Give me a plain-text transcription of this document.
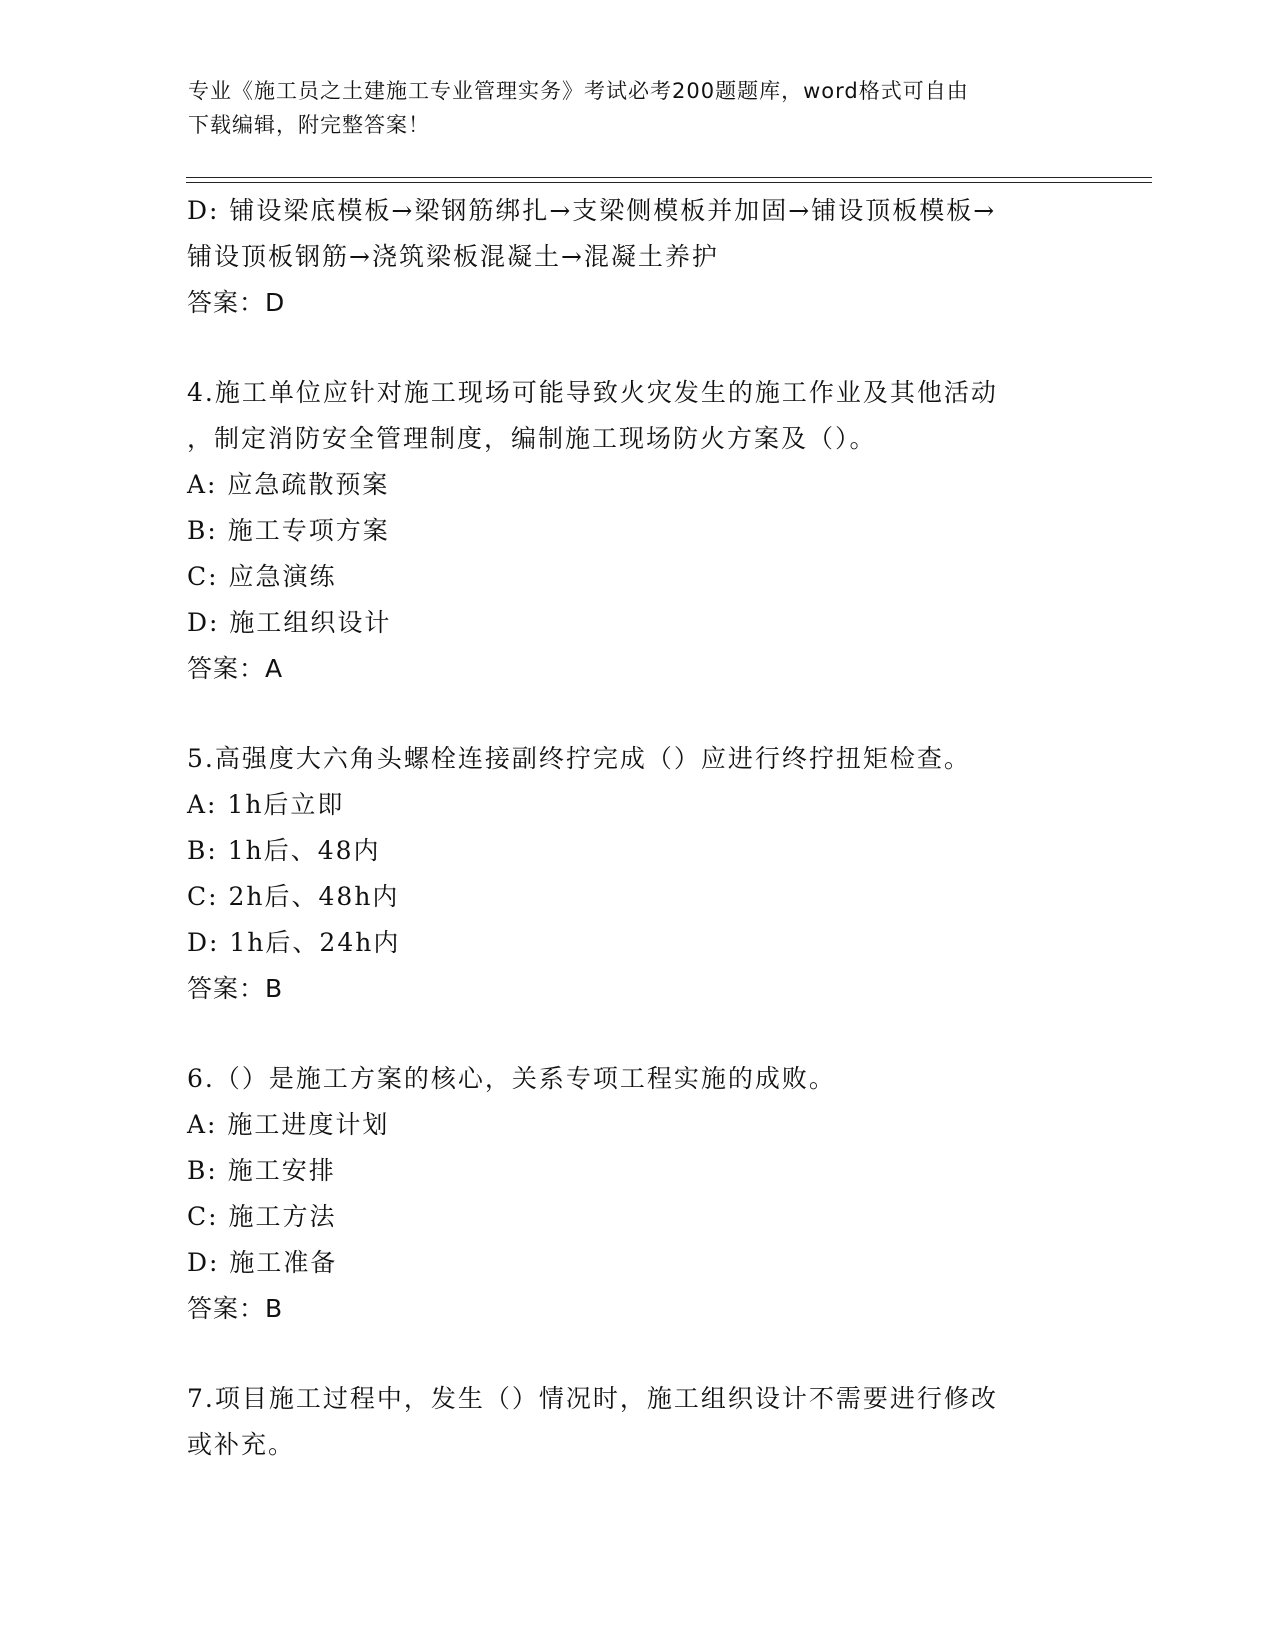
专业《施工员之土建施工专业管理实务》考试必考200题题库，word格式可自由
下载编辑，附完整答案！
D: 铺设梁底模板→梁钢筋绑扎→支梁侧模板并加固→铺设顶板模板→
铺设顶板钢筋→浇筑梁板混凝土→混凝土养护
答案：D
4.施工单位应针对施工现场可能导致火灾发生的施工作业及其他活动
，制定消防安全管理制度，编制施工现场防火方案及（）。
A: 应急疏散预案
B: 施工专项方案
C: 应急演练
D: 施工组织设计
答案：A
5.高强度大六角头螺栓连接副终拧完成（）应进行终拧扭矩检查。
A: 1h后立即
B: 1h后、48内
C: 2h后、48h内
D: 1h后、24h内
答案：B
6.（）是施工方案的核心，关系专项工程实施的成败。
A: 施工进度计划
B: 施工安排
C: 施工方法
D: 施工准备
答案：B
7.项目施工过程中，发生（）情况时，施工组织设计不需要进行修改
或补充。
